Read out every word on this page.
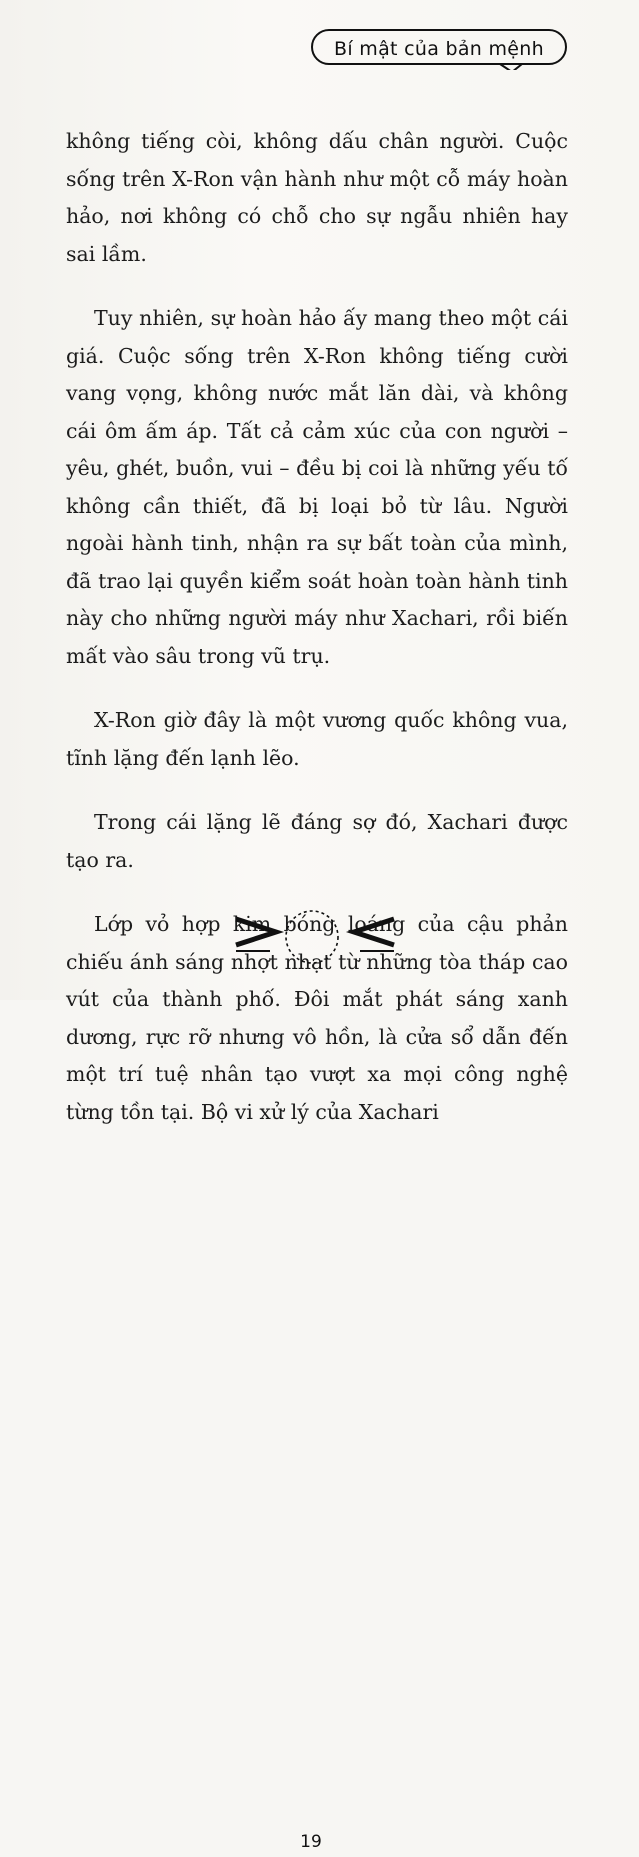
Bí mật của bản mệnh

không tiếng còi, không dấu chân người. Cuộc sống trên X-Ron vận hành như một cỗ máy hoàn hảo, nơi không có chỗ cho sự ngẫu nhiên hay sai lầm.

Tuy nhiên, sự hoàn hảo ấy mang theo một cái giá. Cuộc sống trên X-Ron không tiếng cười vang vọng, không nước mắt lăn dài, và không cái ôm ấm áp. Tất cả cảm xúc của con người – yêu, ghét, buồn, vui – đều bị coi là những yếu tố không cần thiết, đã bị loại bỏ từ lâu. Người ngoài hành tinh, nhận ra sự bất toàn của mình, đã trao lại quyền kiểm soát hoàn toàn hành tinh này cho những người máy như Xachari, rồi biến mất vào sâu trong vũ trụ.

X-Ron giờ đây là một vương quốc không vua, tĩnh lặng đến lạnh lẽo.

Trong cái lặng lẽ đáng sợ đó, Xachari được tạo ra.

Lớp vỏ hợp kim bóng loáng của cậu phản chiếu ánh sáng nhợt nhạt từ những tòa tháp cao vút của thành phố. Đôi mắt phát sáng xanh dương, rực rỡ nhưng vô hồn, là cửa sổ dẫn đến một trí tuệ nhân tạo vượt xa mọi công nghệ từng tồn tại. Bộ vi xử lý của Xachari

19
